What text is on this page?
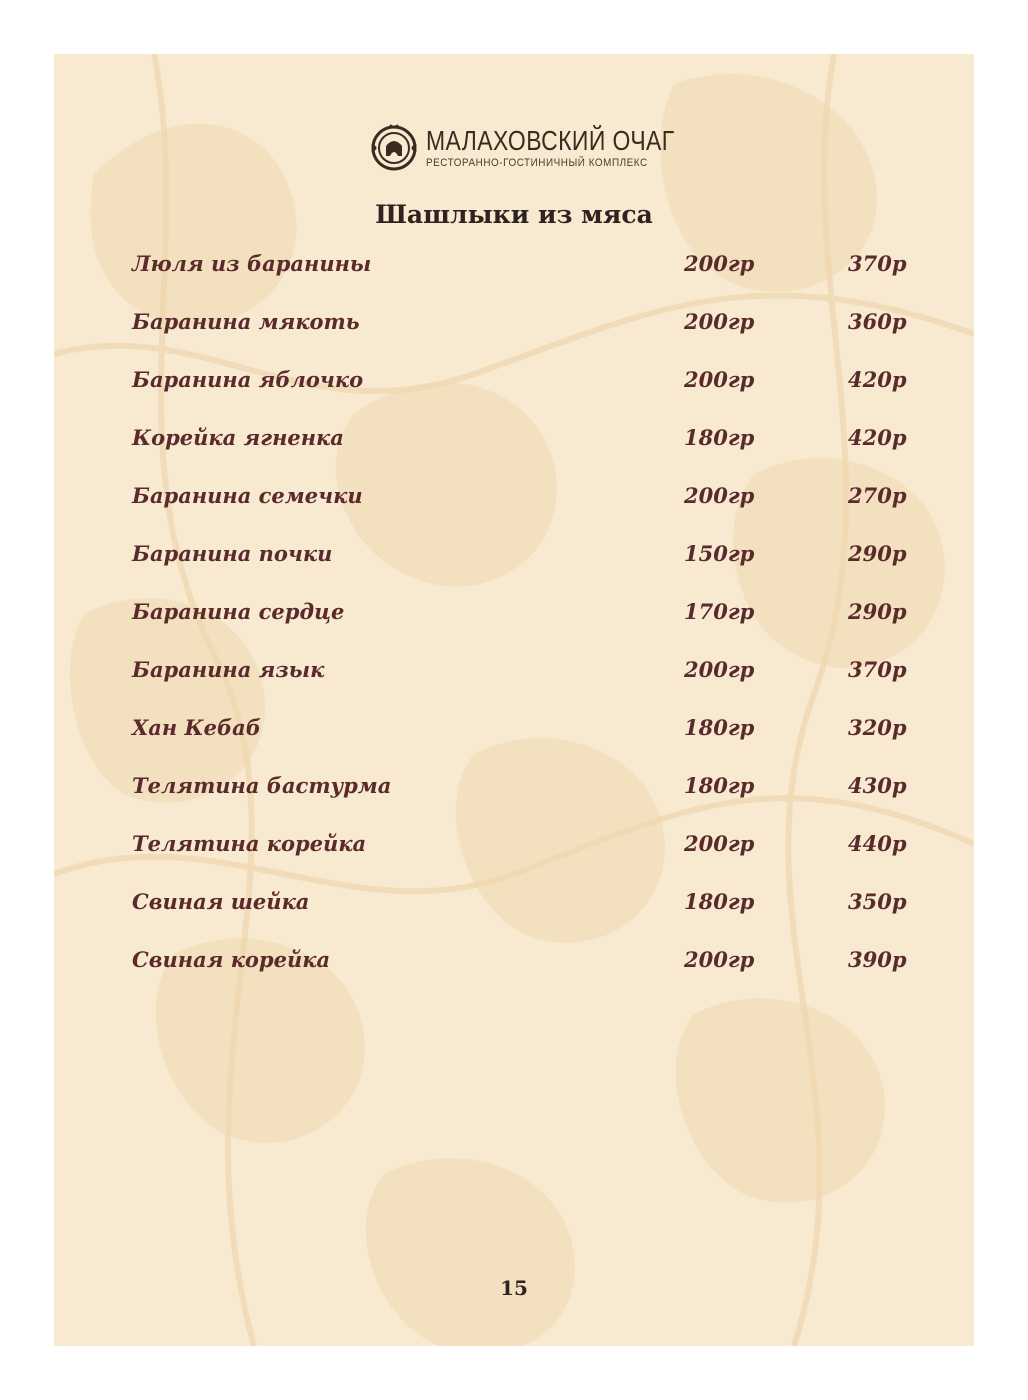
МАЛАХОВСКИЙ ОЧАГ
РЕСТОРАННО-ГОСТИНИЧНЫЙ КОМПЛЕКС
Шашлыки из мяса
Люля из баранины	200гр	370р
Баранина мякоть	200гр	360р
Баранина яблочко	200гр	420р
Корейка ягненка	180гр	420р
Баранина семечки	200гр	270р
Баранина почки	150гр	290р
Баранина сердце	170гр	290р
Баранина язык	200гр	370р
Хан Кебаб	180гр	320р
Телятина бастурма	180гр	430р
Телятина корейка	200гр	440р
Свиная шейка	180гр	350р
Свиная корейка	200гр	390р
15
